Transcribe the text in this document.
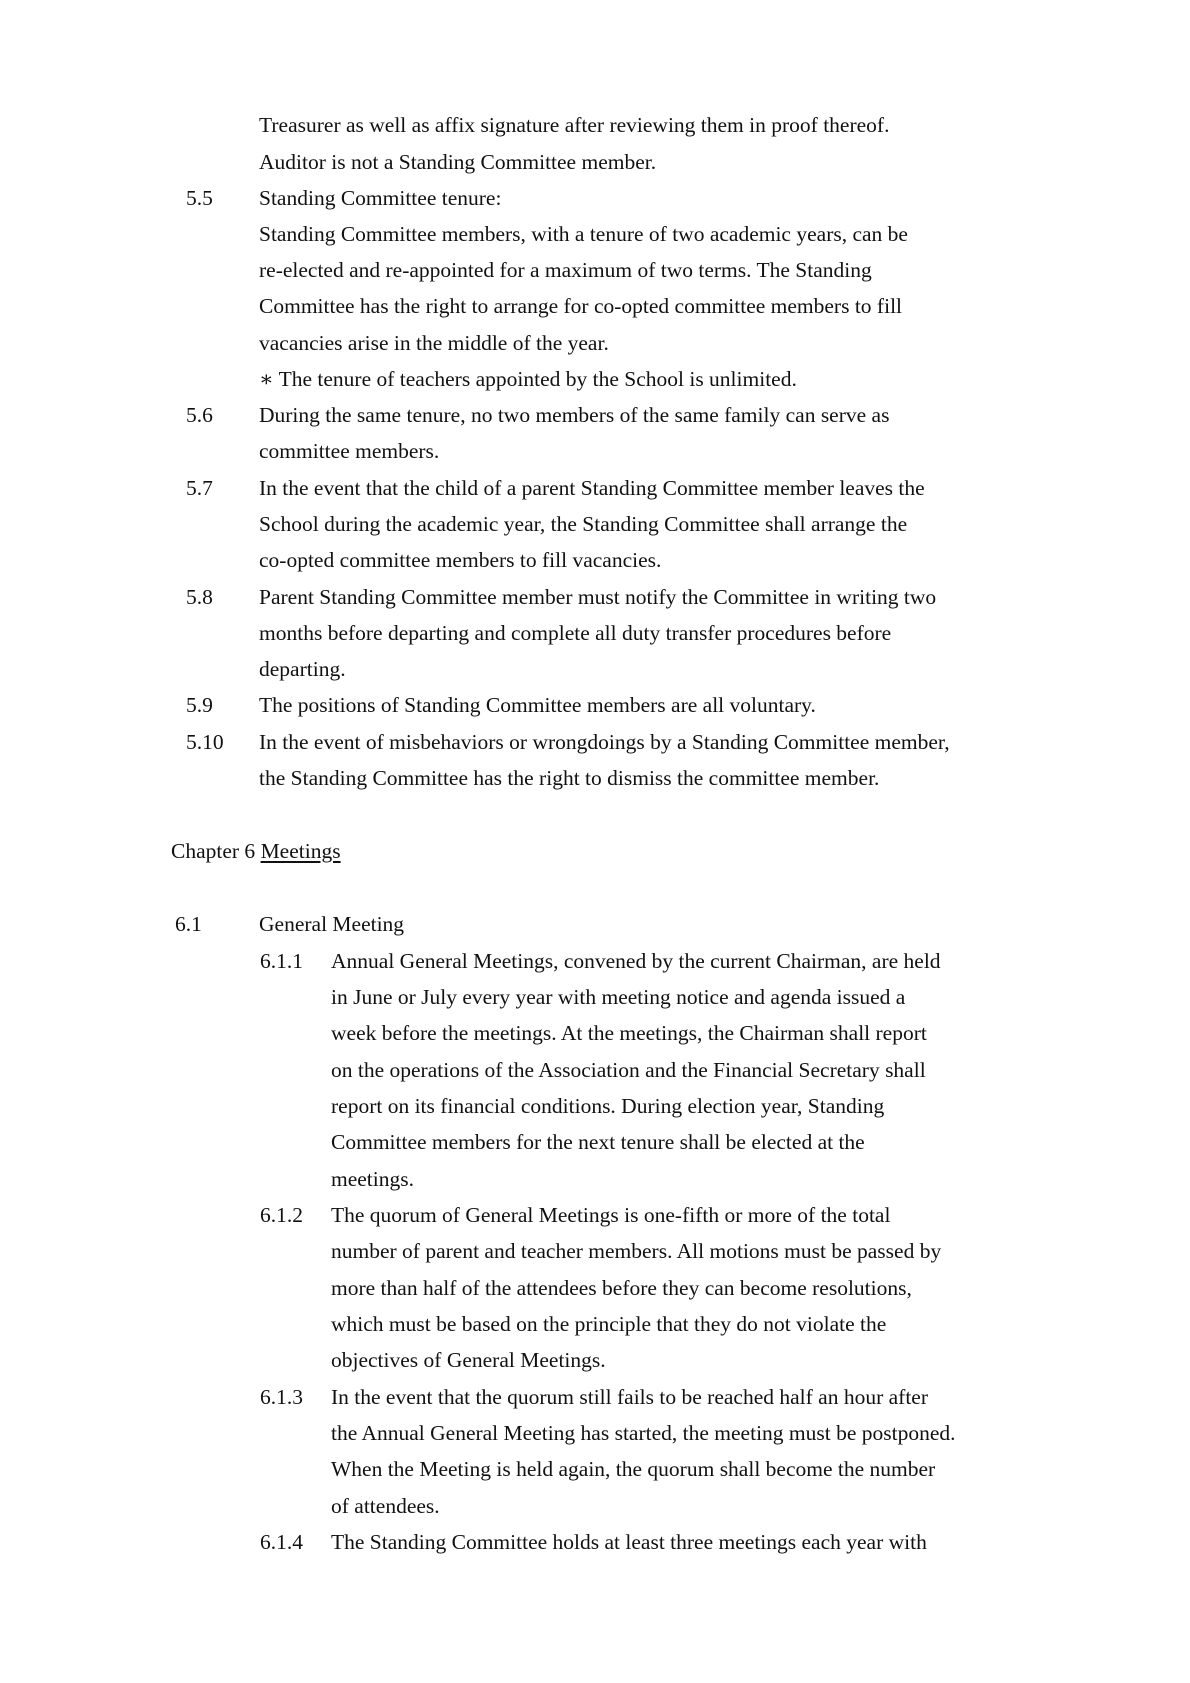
Treasurer as well as affix signature after reviewing them in proof thereof.
Auditor is not a Standing Committee member.
5.5 Standing Committee tenure:
Standing Committee members, with a tenure of two academic years, can be
re-elected and re-appointed for a maximum of two terms. The Standing
Committee has the right to arrange for co-opted committee members to fill
vacancies arise in the middle of the year.
∗ The tenure of teachers appointed by the School is unlimited.
5.6 During the same tenure, no two members of the same family can serve as
committee members.
5.7 In the event that the child of a parent Standing Committee member leaves the
School during the academic year, the Standing Committee shall arrange the
co-opted committee members to fill vacancies.
5.8 Parent Standing Committee member must notify the Committee in writing two
months before departing and complete all duty transfer procedures before
departing.
5.9 The positions of Standing Committee members are all voluntary.
5.10 In the event of misbehaviors or wrongdoings by a Standing Committee member,
the Standing Committee has the right to dismiss the committee member.
Chapter 6 Meetings
6.1	General Meeting
6.1.1 Annual General Meetings, convened by the current Chairman, are held
in June or July every year with meeting notice and agenda issued a
week before the meetings. At the meetings, the Chairman shall report
on the operations of the Association and the Financial Secretary shall
report on its financial conditions. During election year, Standing
Committee members for the next tenure shall be elected at the
meetings.
6.1.2 The quorum of General Meetings is one-fifth or more of the total
number of parent and teacher members. All motions must be passed by
more than half of the attendees before they can become resolutions,
which must be based on the principle that they do not violate the
objectives of General Meetings.
6.1.3 In the event that the quorum still fails to be reached half an hour after
the Annual General Meeting has started, the meeting must be postponed.
When the Meeting is held again, the quorum shall become the number
of attendees.
6.1.4 The Standing Committee holds at least three meetings each year with
